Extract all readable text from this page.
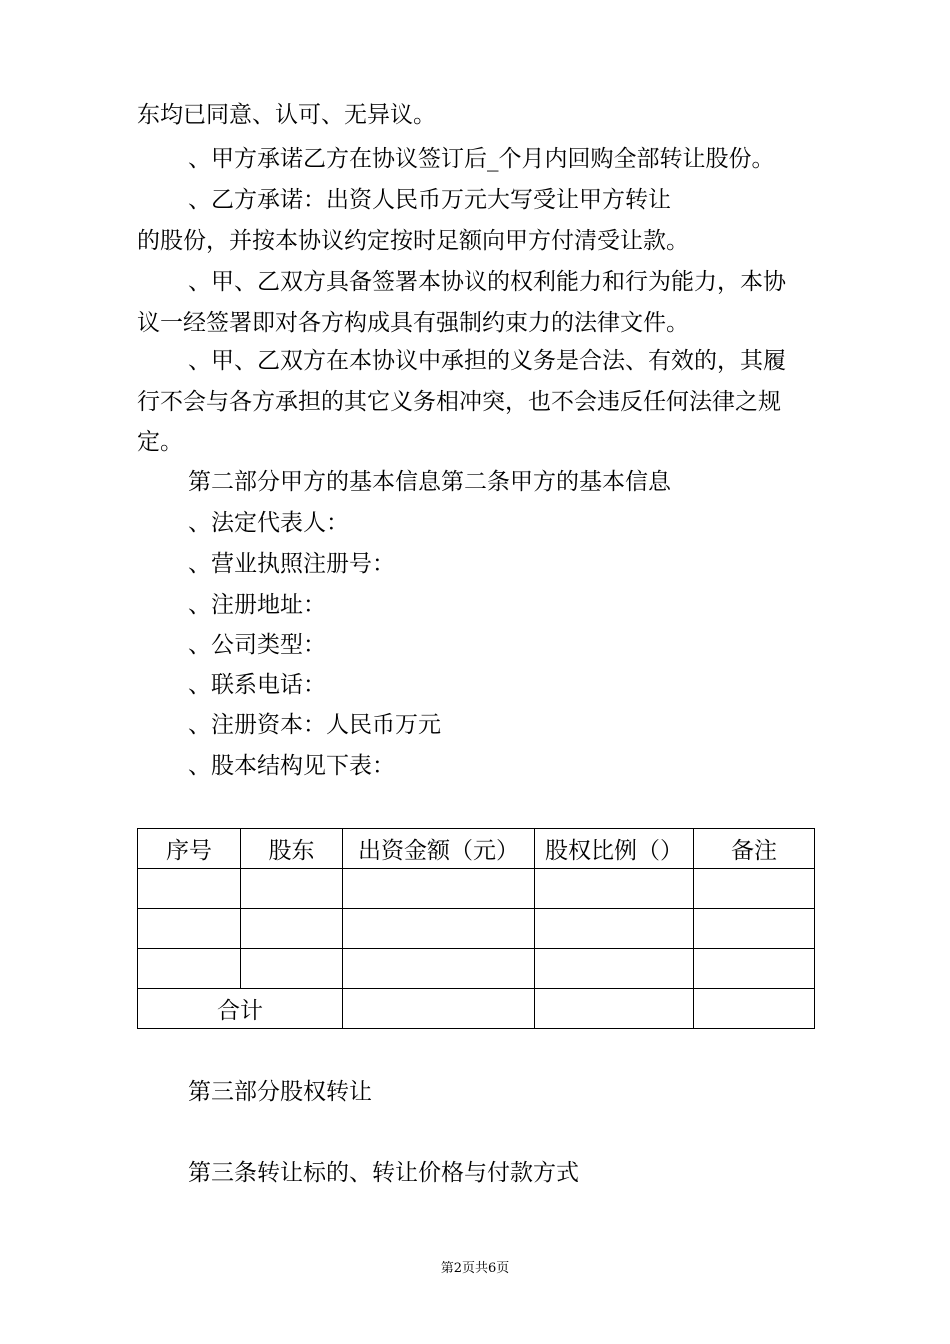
东均已同意、认可、无异议。
、甲方承诺乙方在协议签订后_个月内回购全部转让股份。
、乙方承诺：出资人民币万元大写受让甲方转让
的股份，并按本协议约定按时足额向甲方付清受让款。
、甲、乙双方具备签署本协议的权利能力和行为能力，本协
议一经签署即对各方构成具有强制约束力的法律文件。
、甲、乙双方在本协议中承担的义务是合法、有效的，其履
行不会与各方承担的其它义务相冲突，也不会违反任何法律之规
定。
第二部分甲方的基本信息第二条甲方的基本信息
、法定代表人：
、营业执照注册号：
、注册地址：
、公司类型：
、联系电话：
、注册资本：人民币万元
、股本结构见下表：
序号	股东	出资金额（元）	股权比例（）	备注

合计				
第三部分股权转让
第三条转让标的、转让价格与付款方式
第2页共6页
